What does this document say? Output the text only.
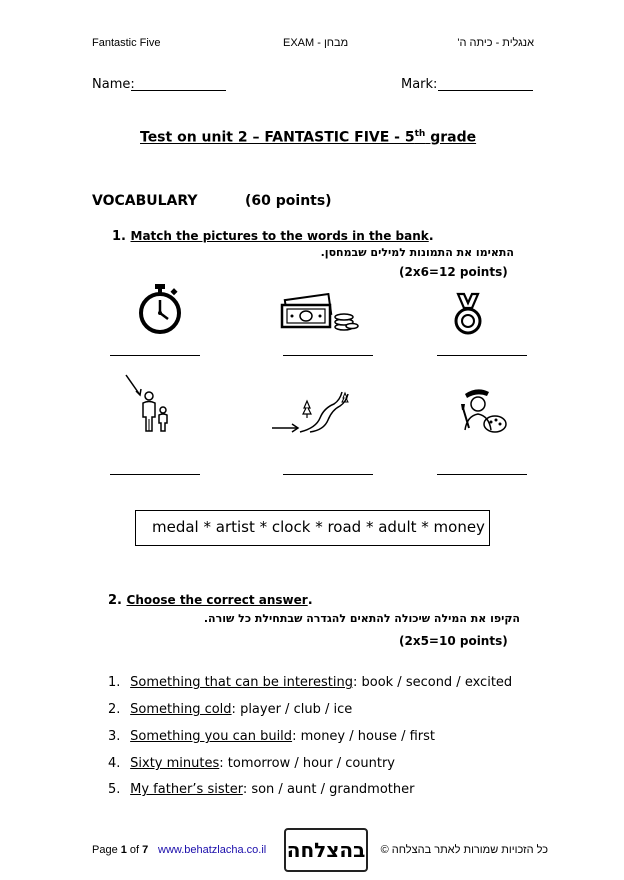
Fantastic Five	EXAM - מבחן	אנגלית - כיתה ה'
Name:	Mark:
Test on unit 2 – FANTASTIC FIVE - 5th grade
VOCABULARY	(60 points)
1. Match the pictures to the words in the bank.
התאימו את התמונות למילים שבמחסן.
(2x6=12 points)
medal * artist * clock * road * adult * money
2. Choose the correct answer.
הקיפו את המילה שיכולה להתאים להגדרה שבתחילת כל שורה.
(2x5=10 points)
1. Something that can be interesting: book / second / excited
2. Something cold: player / club / ice
3. Something you can build: money / house / first
4. Sixty minutes: tomorrow / hour / country
5. My father’s sister: son / aunt / grandmother
Page 1 of 7 www.behatzlacha.co.il בהצלחה כל הזכויות שמורות לאתר בהצלחה ©
